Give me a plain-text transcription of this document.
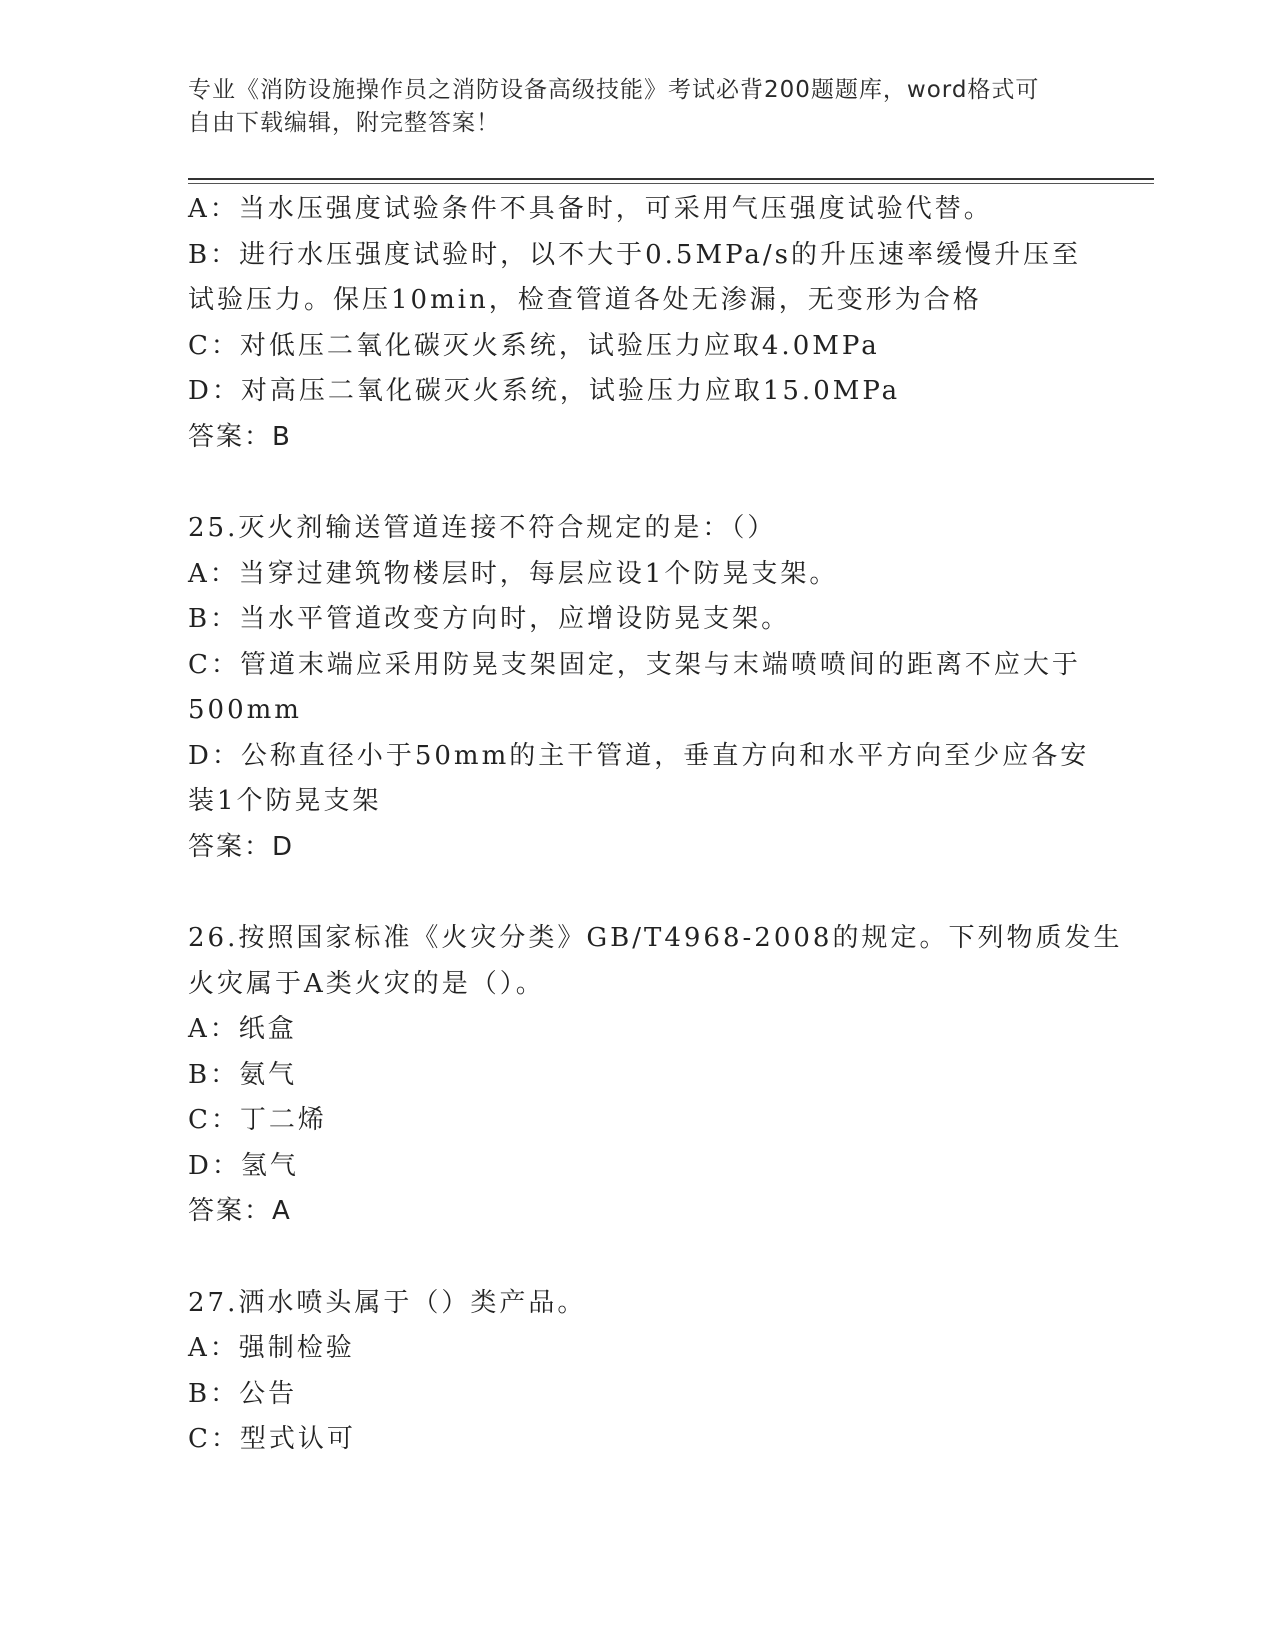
专业《消防设施操作员之消防设备高级技能》考试必背200题题库，word格式可
自由下载编辑，附完整答案！
A：当水压强度试验条件不具备时，可采用气压强度试验代替。
B：进行水压强度试验时，以不大于0.5MPa/s的升压速率缓慢升压至
试验压力。保压10min，检查管道各处无渗漏，无变形为合格
C：对低压二氧化碳灭火系统，试验压力应取4.0MPa
D：对高压二氧化碳灭火系统，试验压力应取15.0MPa
答案：B
25.灭火剂输送管道连接不符合规定的是：（）
A：当穿过建筑物楼层时，每层应设1个防晃支架。
B：当水平管道改变方向时，应增设防晃支架。
C：管道末端应采用防晃支架固定，支架与末端喷喷间的距离不应大于
500mm
D：公称直径小于50mm的主干管道，垂直方向和水平方向至少应各安
装1个防晃支架
答案：D
26.按照国家标准《火灾分类》GB/T4968-2008的规定。下列物质发生
火灾属于A类火灾的是（）。
A：纸盒
B：氨气
C：丁二烯
D：氢气
答案：A
27.洒水喷头属于（）类产品。
A：强制检验
B：公告
C：型式认可
